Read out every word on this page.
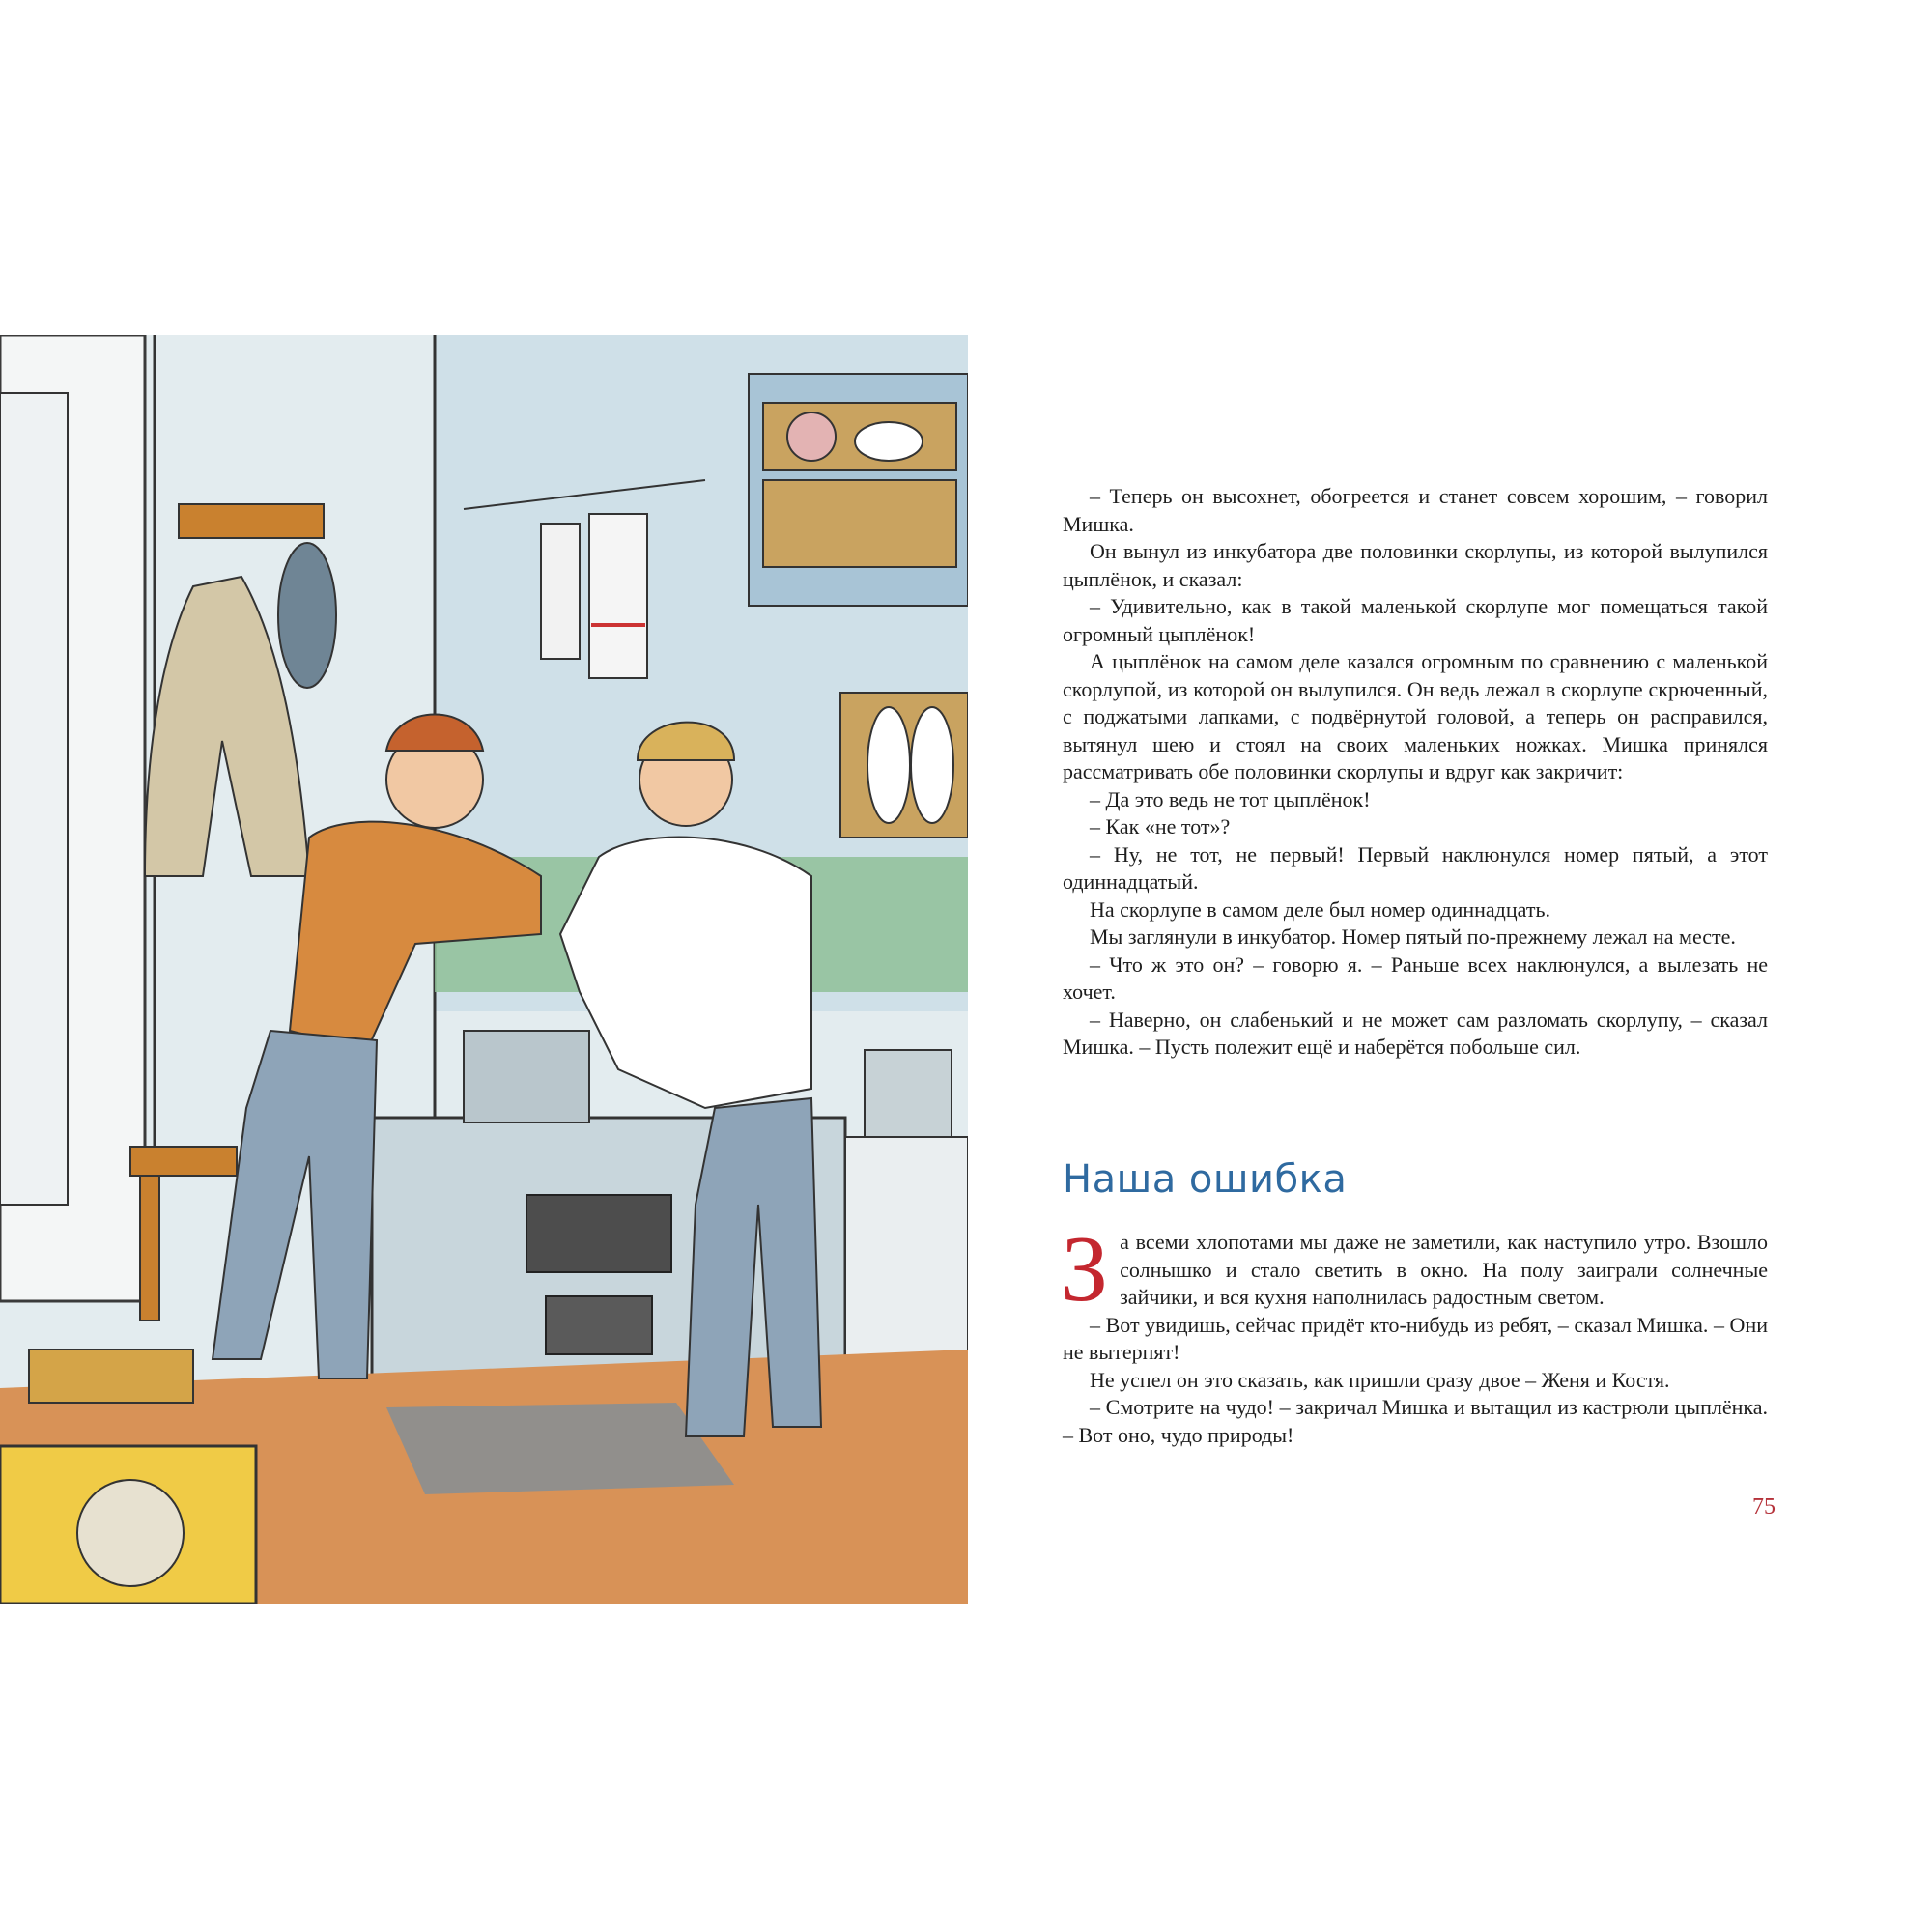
– Теперь он высохнет, обогреется и станет совсем хорошим, – говорил Мишка.

Он вынул из инкубатора две половинки скорлупы, из которой вылупился цыплёнок, и сказал:

– Удивительно, как в такой маленькой скорлупе мог помещаться такой огромный цыплёнок!

А цыплёнок на самом деле казался огромным по сравнению с маленькой скорлупой, из которой он вылупился. Он ведь лежал в скорлупе скрюченный, с поджатыми лапками, с подвёрнутой головой, а теперь он расправился, вытянул шею и стоял на своих маленьких ножках. Мишка принялся рассматривать обе половинки скорлупы и вдруг как закричит:

– Да это ведь не тот цыплёнок!

– Как «не тот»?

– Ну, не тот, не первый! Первый наклюнулся номер пятый, а этот одиннадцатый.

На скорлупе в самом деле был номер одиннадцать.

Мы заглянули в инкубатор. Номер пятый по-прежнему лежал на месте.

– Что ж это он? – говорю я. – Раньше всех наклюнулся, а вылезать не хочет.

– Наверно, он слабенький и не может сам разломать скорлупу, – сказал Мишка. – Пусть полежит ещё и наберётся побольше сил.

Наша ошибка

За всеми хлопотами мы даже не заметили, как наступило утро. Взошло солнышко и стало светить в окно. На полу заиграли солнечные зайчики, и вся кухня наполнилась радостным светом.

– Вот увидишь, сейчас придёт кто-нибудь из ребят, – сказал Мишка. – Они не вытерпят!

Не успел он это сказать, как пришли сразу двое – Женя и Костя.

– Смотрите на чудо! – закричал Мишка и вытащил из кастрюли цыплёнка. – Вот оно, чудо природы!

75
